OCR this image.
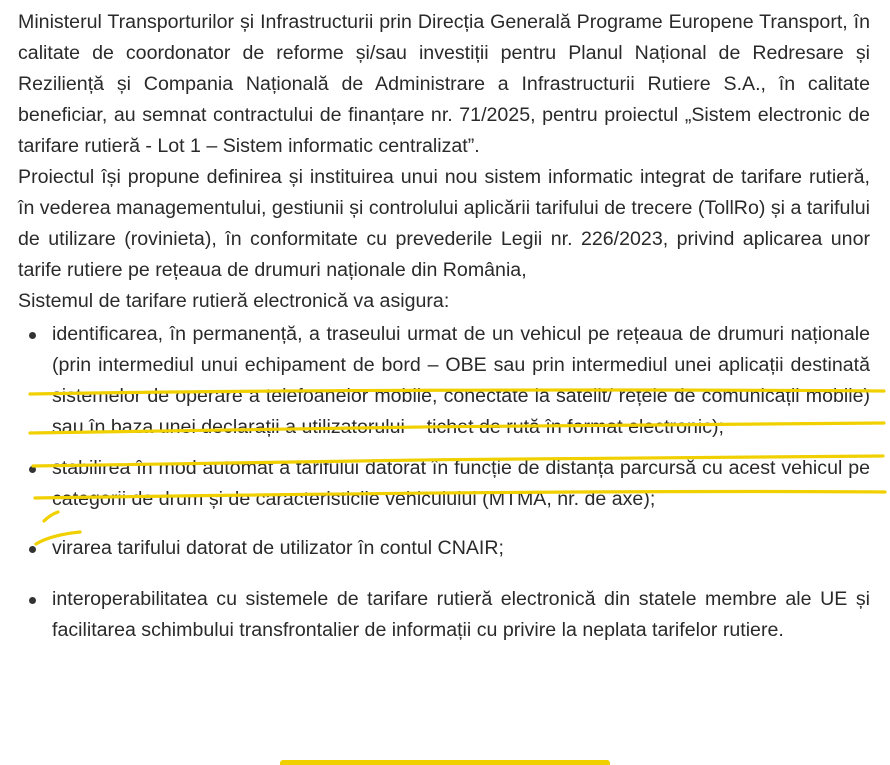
Ministerul Transporturilor și Infrastructurii prin Direcția Generală Programe Europene Transport, în calitate de coordonator de reforme și/sau investiții pentru Planul Național de Redresare și Reziliență și Compania Națională de Administrare a Infrastructurii Rutiere S.A., în calitate beneficiar, au semnat contractului de finanțare nr. 71/2025, pentru proiectul „Sistem electronic de tarifare rutieră - Lot 1 – Sistem informatic centralizat”.

Proiectul își propune definirea și instituirea unui nou sistem informatic integrat de tarifare rutieră, în vederea managementului, gestiunii și controlului aplicării tarifului de trecere (TollRo) și a tarifului de utilizare (rovinieta), în conformitate cu prevederile Legii nr. 226/2023, privind aplicarea unor tarife rutiere pe rețeaua de drumuri naționale din România,

Sistemul de tarifare rutieră electronică va asigura:

identificarea, în permanență, a traseului urmat de un vehicul pe rețeaua de drumuri naționale (prin intermediul unui echipament de bord – OBE sau prin intermediul unei aplicații destinată sistemelor de operare a telefoanelor mobile, conectate la satelit/ rețele de comunicații mobile) sau în baza unei declarații a utilizatorului – tichet de rută în format electronic);
stabilirea în mod automat a tarifului datorat în funcție de distanța parcursă cu acest vehicul pe categorii de drum și de caracteristicile vehiculului (MTMA, nr. de axe);
virarea tarifului datorat de utilizator în contul CNAIR;
interoperabilitatea cu sistemele de tarifare rutieră electronică din statele membre ale UE și facilitarea schimbului transfrontalier de informații cu privire la neplata tarifelor rutiere.
